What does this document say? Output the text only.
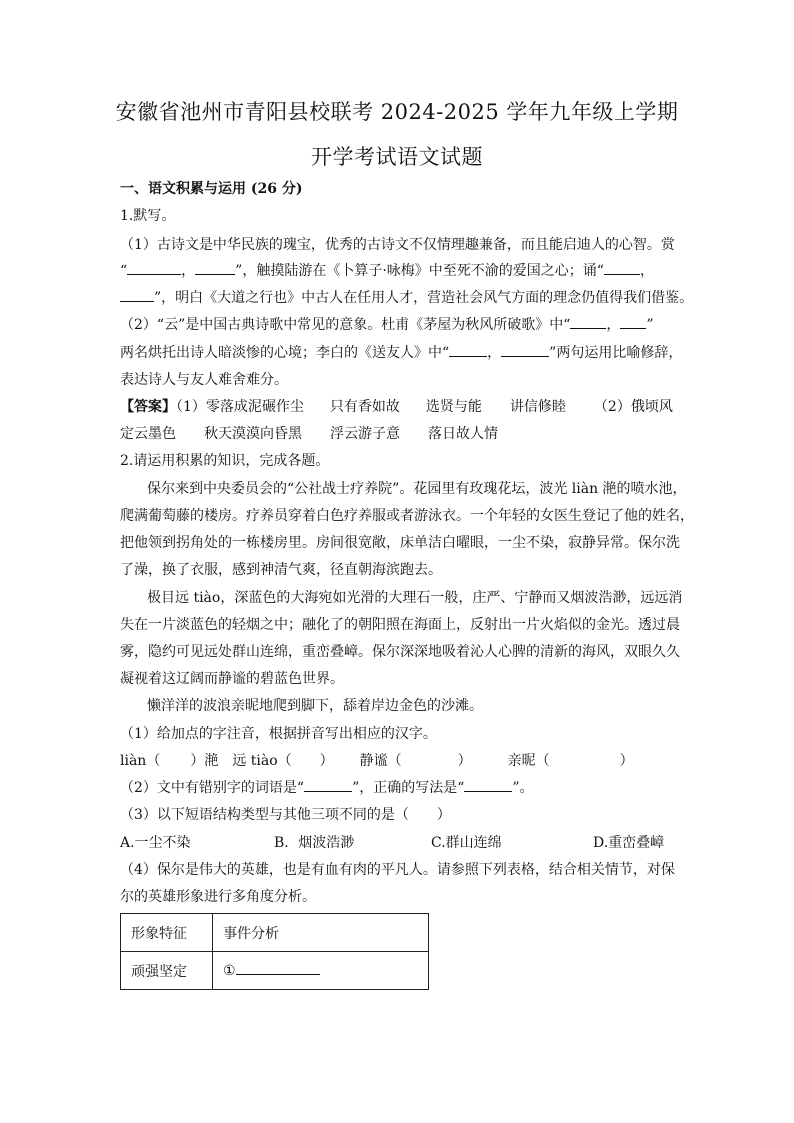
安徽省池州市青阳县校联考 2024-2025 学年九年级上学期
开学考试语文试题
一、语文积累与运用 (26 分)
1.默写。
（1）古诗文是中华民族的瑰宝，优秀的古诗文不仅情理趣兼备，而且能启迪人的心智。赏
“	，	”，触摸陆游在《卜算子·咏梅》中至死不渝的爱国之心；诵“	，
”，明白《大道之行也》中古人在任用人才，营造社会风气方面的理念仍值得我们借鉴。
（2）“云”是中国古典诗歌中常见的意象。杜甫《茅屋为秋风所破歌》中“	， ”
两名烘托出诗人暗淡惨的心境；李白的《送友人》中“	，	”两句运用比喻修辞，
表达诗人与友人难舍难分。
【答案】（1）零落成泥碾作尘 只有香如故 选贤与能 讲信修睦 （2）俄顷风
定云墨色 秋天漠漠向昏黑 浮云游子意 落日故人情
2.请运用积累的知识，完成各题。
保尔来到中央委员会的“公社战士疗养院”。花园里有玫瑰花坛，波光 liàn 滟的喷水池，
爬满葡萄藤的楼房。疗养员穿着白色疗养服或者游泳衣。一个年轻的女医生登记了他的姓名，
把他领到拐角处的一栋楼房里。房间很宽敞，床单洁白曜眼，一尘不染，寂静异常。保尔洗
了澡，换了衣服，感到神清气爽，径直朝海滨跑去。
极目远 tiào，深蓝色的大海宛如光滑的大理石一般，庄严、宁静而又烟波浩渺，远远消
失在一片淡蓝色的轻烟之中；融化了的朝阳照在海面上，反射出一片火焰似的金光。透过晨
雾，隐约可见远处群山连绵，重峦叠嶂。保尔深深地吸着沁人心脾的清新的海风，双眼久久
凝视着这辽阔而静谧的碧蓝色世界。
懒洋洋的波浪亲昵地爬到脚下，舔着岸边金色的沙滩。
（1）给加点的字注音，根据拼音写出相应的汉字。
liàn（ ）滟 远 tiào（ ） 静谧（	）	亲昵（	）
（2）文中有错别字的词语是“	”，正确的写法是“	”。
（3）以下短语结构类型与其他三项不同的是（　　）
A.一尘不染	B．烟波浩渺	C.群山连绵	D.重峦叠嶂
（4）保尔是伟大的英雄，也是有血有肉的平凡人。请参照下列表格，结合相关情节，对保
尔的英雄形象进行多角度分析。
形象特征	事件分析
顽强坚定	①
